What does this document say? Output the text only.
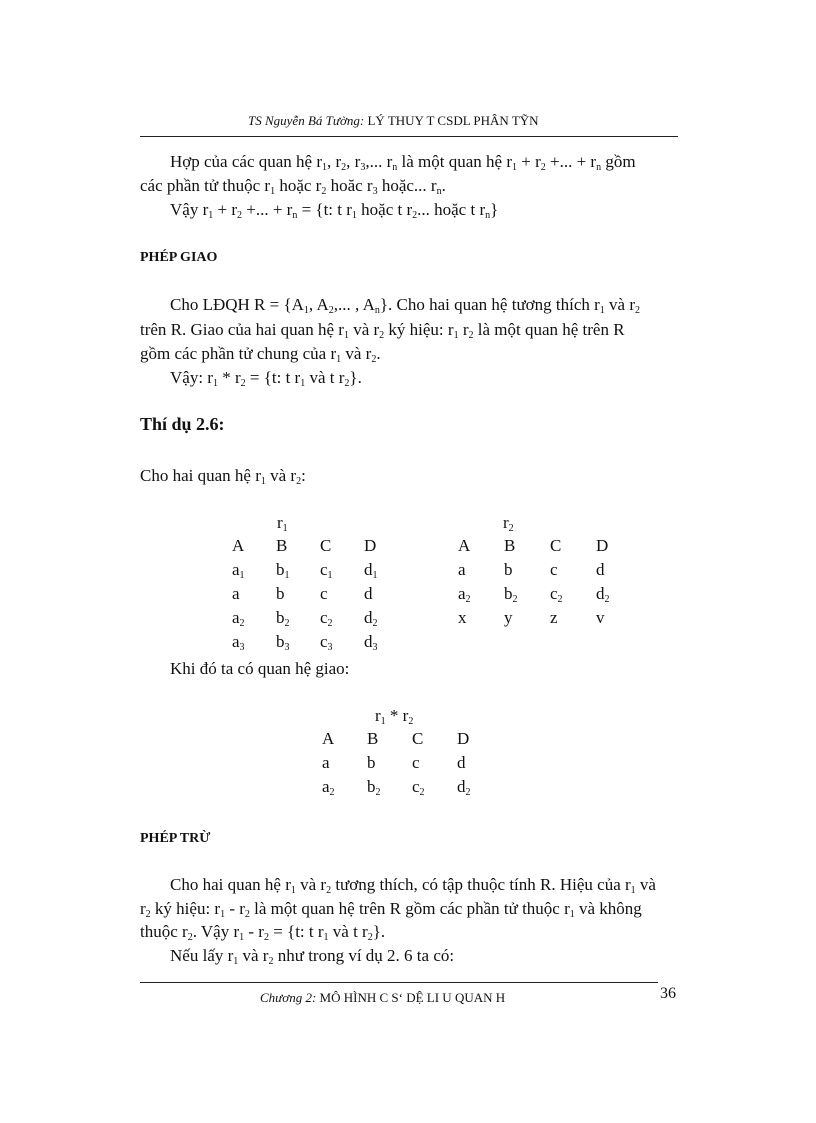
TS Nguyễn Bá Tường: LÝ THUY T CSDL PHÂN TỸN
Hợp của các quan hệ $r_1$, $r_2$, $r_3$,... $r_n$ là một quan hệ $r_1 + r_2$ +... + $r_n$ gồm
các phần tử thuộc $r_1$ hoặc $r_2$ hoăc $r_3$ hoặc... $r_n$.
Vậy $r_1 + r_2$ +... + $r_n = \{t$: t $r_1$ hoặc t $r_2$... hoặc t $r_n$}
PHÉP GIAO
Cho LĐQH $R = \{A_1$, $A_2$,... , $A_n$}. Cho hai quan hệ tương thích $r_1$ và $r_2$
trên R. Giao của hai quan hệ $r_1$ và $r_2$ ký hiệu: $r_1$ $r_2$ là một quan hệ trên R
gồm các phần tử chung của $r_1$ và $r_2$.
Vậy: $r_1 * r_2 = \{t$: t $r_1$ và t $r_2$}.
Thí dụ 2.6:
Cho hai quan hệ $r_1$ và $r_2$:
$r_1$
A B C D
$a_1$ $b_1$ $c_1$ $d_1$
a b c d
$a_2$ $b_2$ $c_2$ $d_2$
$a_3$ $b_3$ $c_3$ $d_3$
$r_2$
A B C D
a b c d
$a_2$ $b_2$ $c_2$ $d_2$
x y z v
Khi đó ta có quan hệ giao:
$r_1 * r_2$
A B C D
a b c d
$a_2$ $b_2$ $c_2$ $d_2$
PHÉP TRỪ
Cho hai quan hệ $r_1$ và $r_2$ tương thích, có tập thuộc tính R. Hiệu của $r_1$ và
$r_2$ ký hiệu: $r_1 - r_2$ là một quan hệ trên R gồm các phần tử thuộc $r_1$ và không
thuộc $r_2$. Vậy $r_1 - r_2 = \{t$: t $r_1$ và t $r_2$}.
Nếu lấy $r_1$ và $r_2$ như trong ví dụ 2. 6 ta có:
Chương 2: MÔ HÌNH C S‘ DỆ LI U QUAN H	36
